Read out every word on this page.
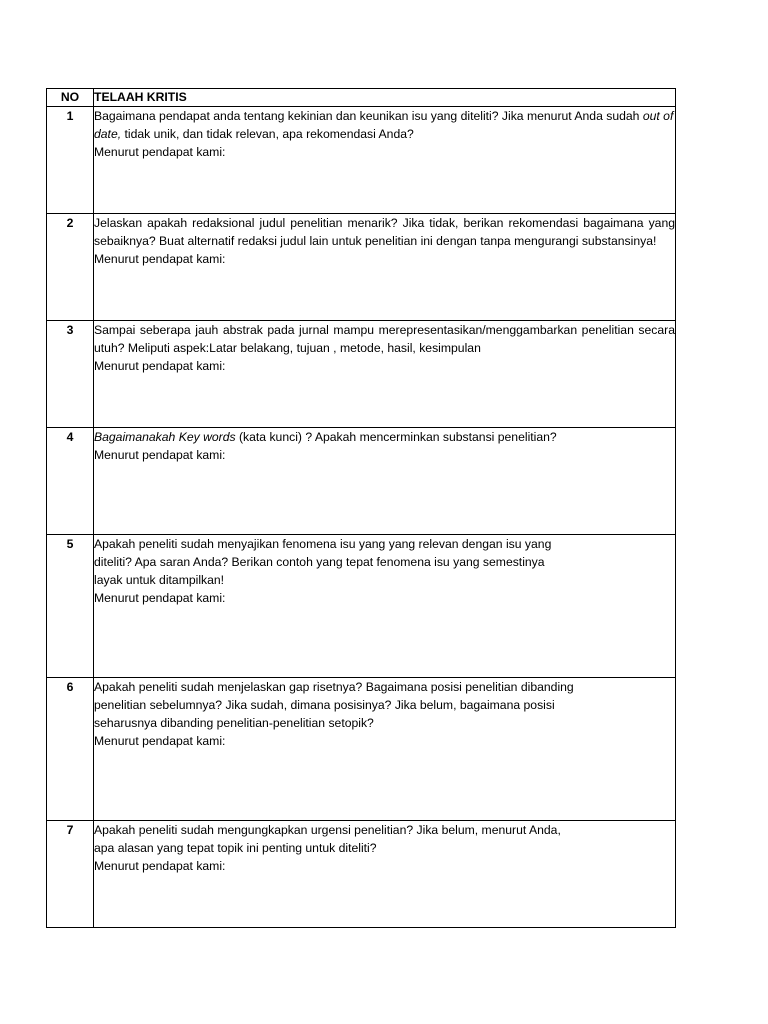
NO	TELAAH KRITIS
1	Bagaimana pendapat anda tentang kekinian dan keunikan isu yang diteliti? Jika menurut Anda sudah out of date, tidak unik, dan tidak relevan, apa rekomendasi Anda?
Menurut pendapat kami:

2	Jelaskan apakah redaksional judul penelitian menarik? Jika tidak, berikan rekomendasi bagaimana yang sebaiknya? Buat alternatif redaksi judul lain untuk penelitian ini dengan tanpa mengurangi substansinya!
Menurut pendapat kami:

3	Sampai seberapa jauh abstrak pada jurnal mampu merepresentasikan/menggambarkan penelitian secara utuh? Meliputi aspek:Latar belakang, tujuan , metode, hasil, kesimpulan
Menurut pendapat kami:

4	Bagaimanakah Key words (kata kunci) ? Apakah mencerminkan substansi penelitian?
Menurut pendapat kami:

5	Apakah peneliti sudah menyajikan fenomena isu yang yang relevan dengan isu yang
diteliti? Apa saran Anda? Berikan contoh yang tepat fenomena isu yang semestinya
layak untuk ditampilkan!
Menurut pendapat kami:

6	Apakah peneliti sudah menjelaskan gap risetnya? Bagaimana posisi penelitian dibanding
penelitian sebelumnya? Jika sudah, dimana posisinya? Jika belum, bagaimana posisi
seharusnya dibanding penelitian-penelitian setopik?
Menurut pendapat kami:

7	Apakah peneliti sudah mengungkapkan urgensi penelitian? Jika belum, menurut Anda,
apa alasan yang tepat topik ini penting untuk diteliti?
Menurut pendapat kami:
